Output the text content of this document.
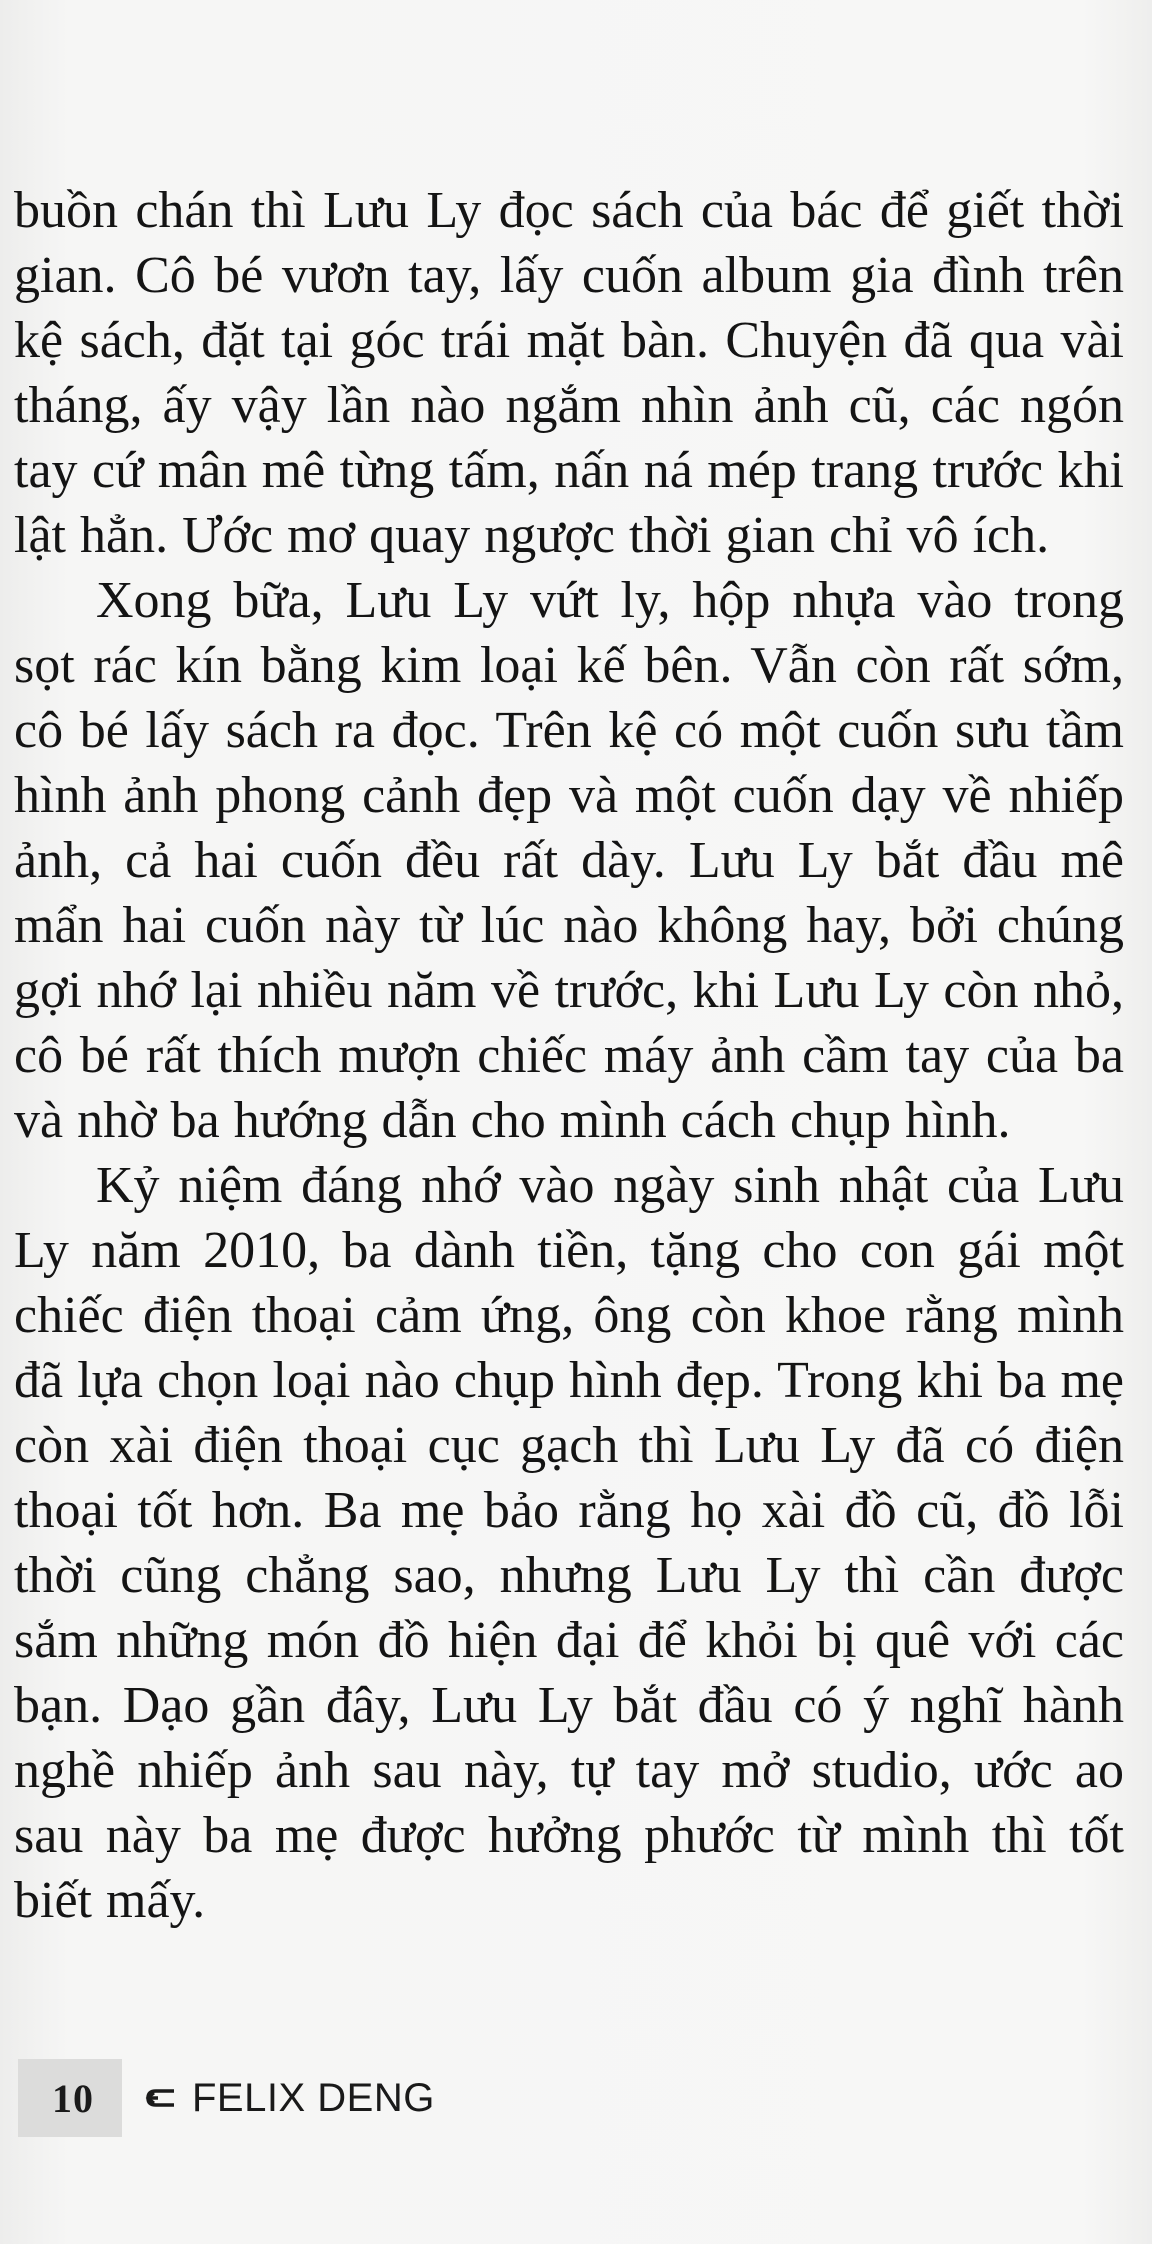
buồn chán thì Lưu Ly đọc sách của bác để giết thời gian. Cô bé vươn tay, lấy cuốn album gia đình trên kệ sách, đặt tại góc trái mặt bàn. Chuyện đã qua vài tháng, ấy vậy lần nào ngắm nhìn ảnh cũ, các ngón tay cứ mân mê từng tấm, nấn ná mép trang trước khi lật hẳn. Ước mơ quay ngược thời gian chỉ vô ích.

Xong bữa, Lưu Ly vứt ly, hộp nhựa vào trong sọt rác kín bằng kim loại kế bên. Vẫn còn rất sớm, cô bé lấy sách ra đọc. Trên kệ có một cuốn sưu tầm hình ảnh phong cảnh đẹp và một cuốn dạy về nhiếp ảnh, cả hai cuốn đều rất dày. Lưu Ly bắt đầu mê mẩn hai cuốn này từ lúc nào không hay, bởi chúng gợi nhớ lại nhiều năm về trước, khi Lưu Ly còn nhỏ, cô bé rất thích mượn chiếc máy ảnh cầm tay của ba và nhờ ba hướng dẫn cho mình cách chụp hình.

Kỷ niệm đáng nhớ vào ngày sinh nhật của Lưu Ly năm 2010, ba dành tiền, tặng cho con gái một chiếc điện thoại cảm ứng, ông còn khoe rằng mình đã lựa chọn loại nào chụp hình đẹp. Trong khi ba mẹ còn xài điện thoại cục gạch thì Lưu Ly đã có điện thoại tốt hơn. Ba mẹ bảo rằng họ xài đồ cũ, đồ lỗi thời cũng chẳng sao, nhưng Lưu Ly thì cần được sắm những món đồ hiện đại để khỏi bị quê với các bạn. Dạo gần đây, Lưu Ly bắt đầu có ý nghĩ hành nghề nhiếp ảnh sau này, tự tay mở studio, ước ao sau này ba mẹ được hưởng phước từ mình thì tốt biết mấy.

10 FELIX DENG
